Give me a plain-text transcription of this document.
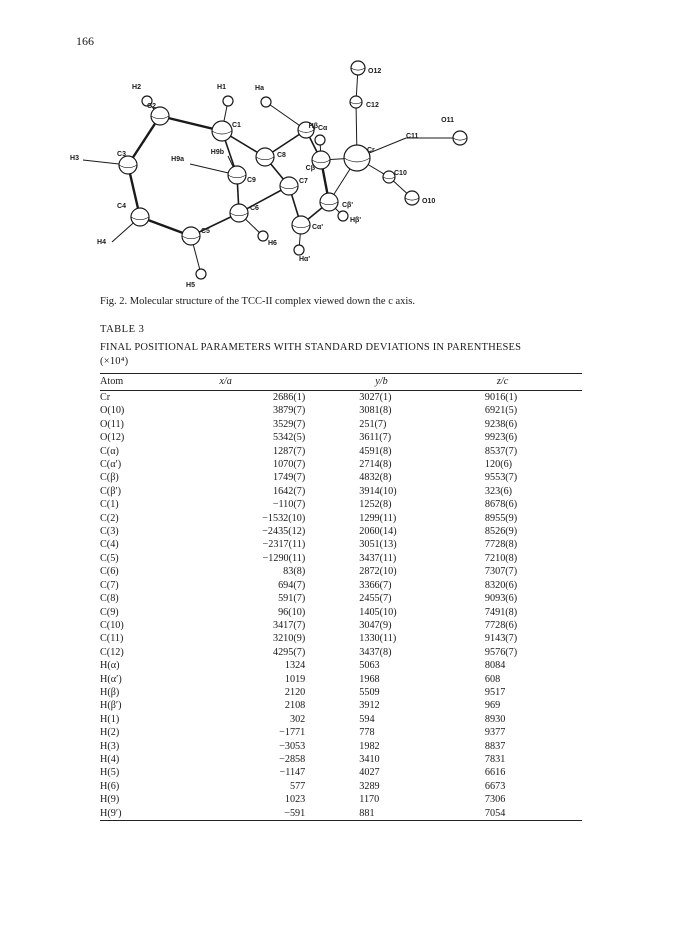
166
O12
C12
O11
C11
Cr
C10
O10
Ha
H1
H2
C2
C1	Cα
Hβ
H3
C3
H9a
H9b	C8
Cβ
C9	C7
Cβ'
Hβ'
C4	C6
Cα'
H4
C5
H6
Hα'
H5
Fig. 2. Molecular structure of the TCC-II complex viewed down the c axis.
TABLE 3
FINAL POSITIONAL PARAMETERS WITH STANDARD DEVIATIONS IN PARENTHESES
(×10⁴)
Atom	x/a	y/b	z/c
Cr	2686(1)	3027(1)	9016(1)
O(10)	3879(7)	3081(8)	6921(5)
O(11)	3529(7)	251(7)	9238(6)
O(12)	5342(5)	3611(7)	9923(6)
C(α)	1287(7)	4591(8)	8537(7)
C(α′)	1070(7)	2714(8)	120(6)
C(β)	1749(7)	4832(8)	9553(7)
C(β′)	1642(7)	3914(10)	323(6)
C(1)	−110(7)	1252(8)	8678(6)
C(2)	−1532(10)	1299(11)	8955(9)
C(3)	−2435(12)	2060(14)	8526(9)
C(4)	−2317(11)	3051(13)	7728(8)
C(5)	−1290(11)	3437(11)	7210(8)
C(6)	83(8)	2872(10)	7307(7)
C(7)	694(7)	3366(7)	8320(6)
C(8)	591(7)	2455(7)	9093(6)
C(9)	96(10)	1405(10)	7491(8)
C(10)	3417(7)	3047(9)	7728(6)
C(11)	3210(9)	1330(11)	9143(7)
C(12)	4295(7)	3437(8)	9576(7)
H(α)	1324	5063	8084
H(α′)	1019	1968	608
H(β)	2120	5509	9517
H(β′)	2108	3912	969
H(1)	302	594	8930
H(2)	−1771	778	9377
H(3)	−3053	1982	8837
H(4)	−2858	3410	7831
H(5)	−1147	4027	6616
H(6)	577	3289	6673
H(9)	1023	1170	7306
H(9′)	−591	881	7054
